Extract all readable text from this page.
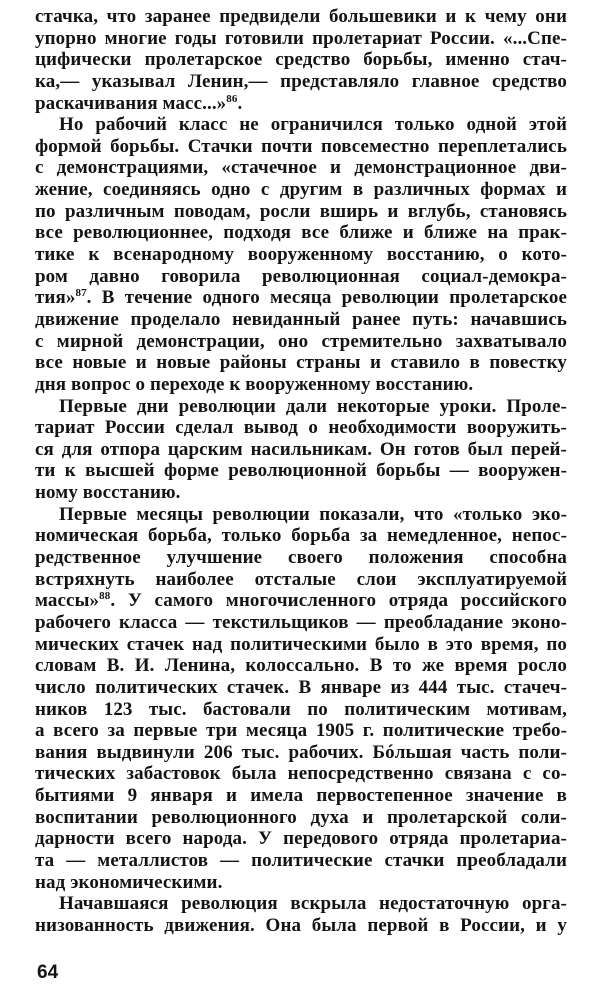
стачка, что заранее предвидели большевики и к чему они
упорно многие годы готовили пролетариат России. «...Спе-
цифически пролетарское средство борьбы, именно стач-
ка,— указывал Ленин,— представляло главное средство
раскачивания масс...»$^{86}$.
Но рабочий класс не ограничился только одной этой
формой борьбы. Стачки почти повсеместно переплетались
с демонстрациями, «стачечное и демонстрационное дви-
жение, соединяясь одно с другим в различных формах и
по различным поводам, росли вширь и вглубь, становясь
все революционнее, подходя все ближе и ближе на прак-
тике к всенародному вооруженному восстанию, о кото-
ром давно говорила революционная социал-демокра-
тия»$^{87}$. В течение одного месяца революции пролетарское
движение проделало невиданный ранее путь: начавшись
с мирной демонстрации, оно стремительно захватывало
все новые и новые районы страны и ставило в повестку
дня вопрос о переходе к вооруженному восстанию.
Первые дни революции дали некоторые уроки. Проле-
тариат России сделал вывод о необходимости вооружить-
ся для отпора царским насильникам. Он готов был перей-
ти к высшей форме революционной борьбы — вооружен-
ному восстанию.
Первые месяцы революции показали, что «только эко-
номическая борьба, только борьба за немедленное, непос-
редственное улучшение своего положения способна
встряхнуть наиболее отсталые слои эксплуатируемой
массы»$^{88}$. У самого многочисленного отряда российского
рабочего класса — текстильщиков — преобладание эконо-
мических стачек над политическими было в это время, по
словам В. И. Ленина, колоссально. В то же время росло
число политических стачек. В январе из 444 тыс. стачеч-
ников 123 тыс. бастовали по политическим мотивам,
а всего за первые три месяца 1905 г. политические требо-
вания выдвинули 206 тыс. рабочих. Бóльшая часть поли-
тических забастовок была непосредственно связана с со-
бытиями 9 января и имела первостепенное значение в
воспитании революционного духа и пролетарской соли-
дарности всего народа. У передового отряда пролетариа-
та — металлистов — политические стачки преобладали
над экономическими.
Начавшаяся революция вскрыла недостаточную орга-
низованность движения. Она была первой в России, и у
64
